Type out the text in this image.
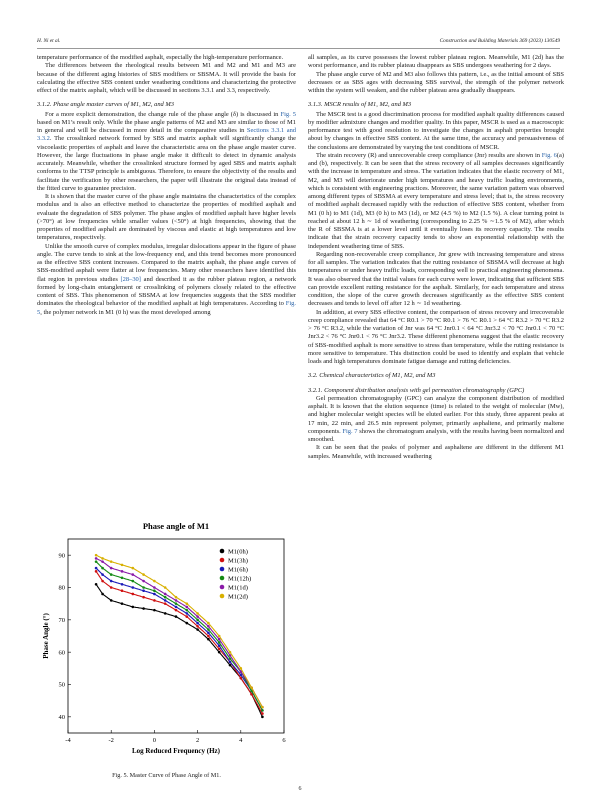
H. Ni et al.	Construction and Building Materials 369 (2023) 130549

temperature performance of the modified asphalt, especially the high-temperature performance.

The differences between the rheological results between M1 and M2 and M1 and M3 are because of the different aging histories of SBS modifiers or SBSMA. It will provide the basis for calculating the effective SBS content under weathering conditions and characterizing the protective effect of the matrix asphalt, which will be discussed in sections 3.3.1 and 3.3, respectively.

3.1.2. Phase angle master curves of M1, M2, and M3

For a more explicit demonstration, the change rule of the phase angle (δ) is discussed in Fig. 5 based on M1’s result only. While the phase angle patterns of M2 and M3 are similar to those of M1 in general and will be discussed in more detail in the comparative studies in Sections 3.3.1 and 3.3.2. The crosslinked network formed by SBS and matrix asphalt will significantly change the viscoelastic properties of asphalt and leave the characteristic area on the phase angle master curve. However, the large fluctuations in phase angle make it difficult to detect in dynamic analysis accurately. Meanwhile, whether the crosslinked structure formed by aged SBS and matrix asphalt conforms to the TTSP principle is ambiguous. Therefore, to ensure the objectivity of the results and facilitate the verification by other researchers, the paper will illustrate the original data instead of the fitted curve to guarantee precision.

It is shown that the master curve of the phase angle maintains the characteristics of the complex modulus and is also an effective method to characterize the properties of modified asphalt and evaluate the degradation of SBS polymer. The phase angles of modified asphalt have higher levels (>70°) at low frequencies while smaller values (<50°) at high frequencies, showing that the properties of modified asphalt are dominated by viscous and elastic at high temperatures and low temperatures, respectively.

Unlike the smooth curve of complex modulus, irregular dislocations appear in the figure of phase angle. The curve tends to sink at the low-frequency end, and this trend becomes more pronounced as the effective SBS content increases. Compared to the matrix asphalt, the phase angle curves of SBS-modified asphalt were flatter at low frequencies. Many other researchers have identified this flat region in previous studies [28–30] and described it as the rubber plateau region, a network formed by long-chain entanglement or crosslinking of polymers closely related to the effective content of SBS. This phenomenon of SBSMA at low frequencies suggests that the SBS modifier dominates the rheological behavior of the modified asphalt at high temperatures. According to Fig. 5, the polymer network in M1 (0 h) was the most developed among

all samples, as its curve possesses the lowest rubber plateau region. Meanwhile, M1 (2d) has the worst performance, and its rubber plateau disappears as SBS undergoes weathering for 2 days.

The phase angle curve of M2 and M3 also follows this pattern, i.e., as the initial amount of SBS decreases or as SBS ages with decreasing SBS survival, the strength of the polymer network within the system will weaken, and the rubber plateau area gradually disappears.

3.1.3. MSCR results of M1, M2, and M3

The MSCR test is a good discrimination process for modified asphalt quality differences caused by modifier admixture changes and modifier quality. In this paper, MSCR is used as a macroscopic performance test with good resolution to investigate the changes in asphalt properties brought about by changes in effective SBS content. At the same time, the accuracy and persuasiveness of the conclusions are demonstrated by varying the test conditions of MSCR.

The strain recovery (R) and unrecoverable creep compliance (Jnr) results are shown in Fig. 6(a) and (b), respectively. It can be seen that the stress recovery of all samples decreases significantly with the increase in temperature and stress. The variation indicates that the elastic recovery of M1, M2, and M3 will deteriorate under high temperatures and heavy traffic loading environments, which is consistent with engineering practices. Moreover, the same variation pattern was observed among different types of SBSMA at every temperature and stress level; that is, the stress recovery of modified asphalt decreased rapidly with the reduction of effective SBS content, whether from M1 (0 h) to M1 (1d), M3 (0 h) to M3 (1d), or M2 (4.5 %) to M2 (1.5 %). A clear turning point is reached at about 12 h ∼ 1d of weathering (corresponding to 2.25 % ∼1.5 % of M2), after which the R of SBSMA is at a lower level until it eventually loses its recovery capacity. The results indicate that the strain recovery capacity tends to show an exponential relationship with the independent weathering time of SBS.

Regarding non-recoverable creep compliance, Jnr grew with increasing temperature and stress for all samples. The variation indicates that the rutting resistance of SBSMA will decrease at high temperatures or under heavy traffic loads, corresponding well to practical engineering phenomena. It was also observed that the initial values for each curve were lower, indicating that sufficient SBS can provide excellent rutting resistance for the asphalt. Similarly, for each temperature and stress condition, the slope of the curve growth decreases significantly as the effective SBS content decreases and tends to level off after 12 h ∼ 1d weathering.

In addition, at every SBS effective content, the comparison of stress recovery and irrecoverable creep compliance revealed that 64 °C R0.1 > 70 °C R0.1 > 76 °C R0.1 > 64 °C R3.2 > 70 °C R3.2 > 76 °C R3.2, while the variation of Jnr was 64 °C Jnr0.1 < 64 °C Jnr3.2 < 70 °C Jnr0.1 < 70 °C Jnr3.2 < 76 °C Jnr0.1 < 76 °C Jnr3.2. These different phenomena suggest that the elastic recovery of SBS-modified asphalt is more sensitive to stress than temperature, while the rutting resistance is more sensitive to temperature. This distinction could be used to identify and explain that vehicle loads and high temperatures dominate fatigue damage and rutting deficiencies.

3.2. Chemical characteristics of M1, M2, and M3
3.2.1. Component distribution analysis with gel permeation chromatography (GPC)

Gel permeation chromatography (GPC) can analyze the component distribution of modified asphalt. It is known that the elution sequence (time) is related to the weight of molecular (Mw), and higher molecular weight species will be eluted earlier. For this study, three apparent peaks at 17 min, 22 min, and 26.5 min represent polymer, primarily asphaltene, and primarily maltene components. Fig. 7 shows the chromatogram analysis, with the results having been normalized and smoothed.

It can be seen that the peaks of polymer and asphaltene are different in the different M1 samples. Meanwhile, with increased weathering

Phase angle of M1
-4	-2	0	2	4	6
40
50
60
70
80
90
Log Reduced Frequency (Hz)
Phase Angle (°)
M1(0h)
M1(3h)
M1(6h)
M1(12h)
M1(1d)
M1(2d)
Fig. 5. Master Curve of Phase Angle of M1.
6
